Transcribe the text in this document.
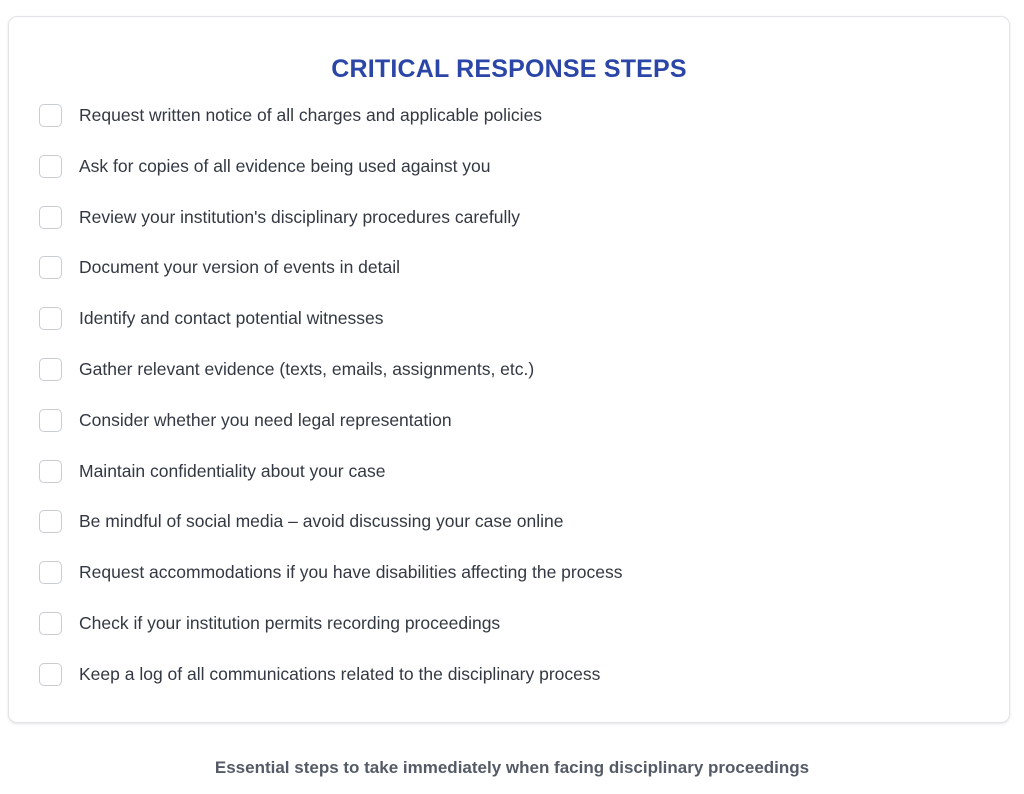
CRITICAL RESPONSE STEPS
Request written notice of all charges and applicable policies
Ask for copies of all evidence being used against you
Review your institution's disciplinary procedures carefully
Document your version of events in detail
Identify and contact potential witnesses
Gather relevant evidence (texts, emails, assignments, etc.)
Consider whether you need legal representation
Maintain confidentiality about your case
Be mindful of social media – avoid discussing your case online
Request accommodations if you have disabilities affecting the process
Check if your institution permits recording proceedings
Keep a log of all communications related to the disciplinary process

Essential steps to take immediately when facing disciplinary proceedings
